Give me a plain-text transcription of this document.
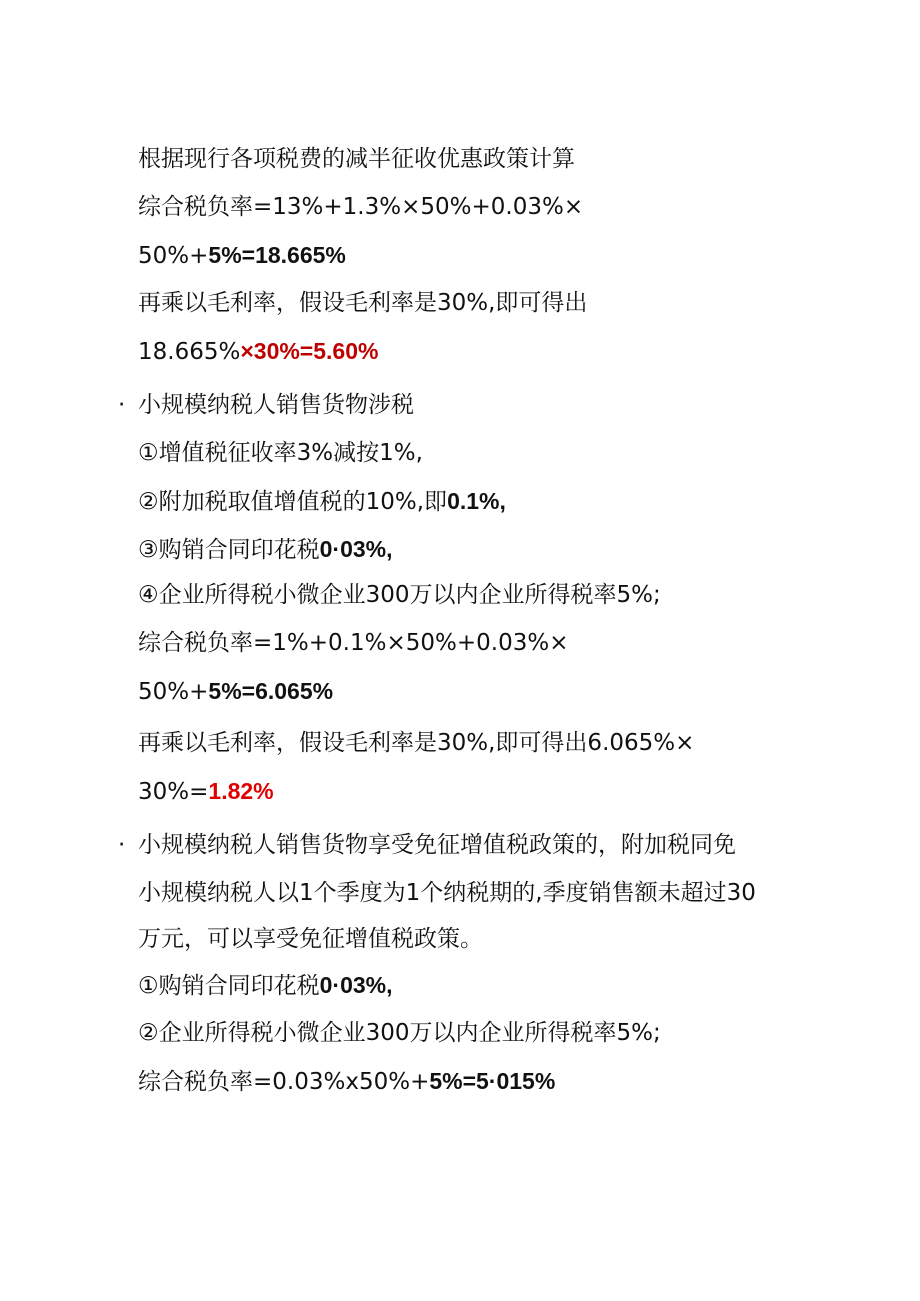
根据现行各项税费的减半征收优惠政策计算
综合税负率=13%+1.3%×50%+0.03%×
50%+5%=18.665%
再乘以毛利率，假设毛利率是30%,即可得出
18.665%×30%=5.60%
· 小规模纳税人销售货物涉税
①增值税征收率3%减按1%,
②附加税取值增值税的10%,即0.1%,
③购销合同印花税0·03%,
④企业所得税小微企业300万以内企业所得税率5%;
综合税负率=1%+0.1%×50%+0.03%×
50%+5%=6.065%
再乘以毛利率，假设毛利率是30%,即可得出6.065%×
30%=1.82%
· 小规模纳税人销售货物享受免征增值税政策的，附加税同免
小规模纳税人以1个季度为1个纳税期的,季度销售额未超过30
万元，可以享受免征增值税政策。
①购销合同印花税0·03%,
②企业所得税小微企业300万以内企业所得税率5%;
综合税负率=0.03%x50%+5%=5·015%
